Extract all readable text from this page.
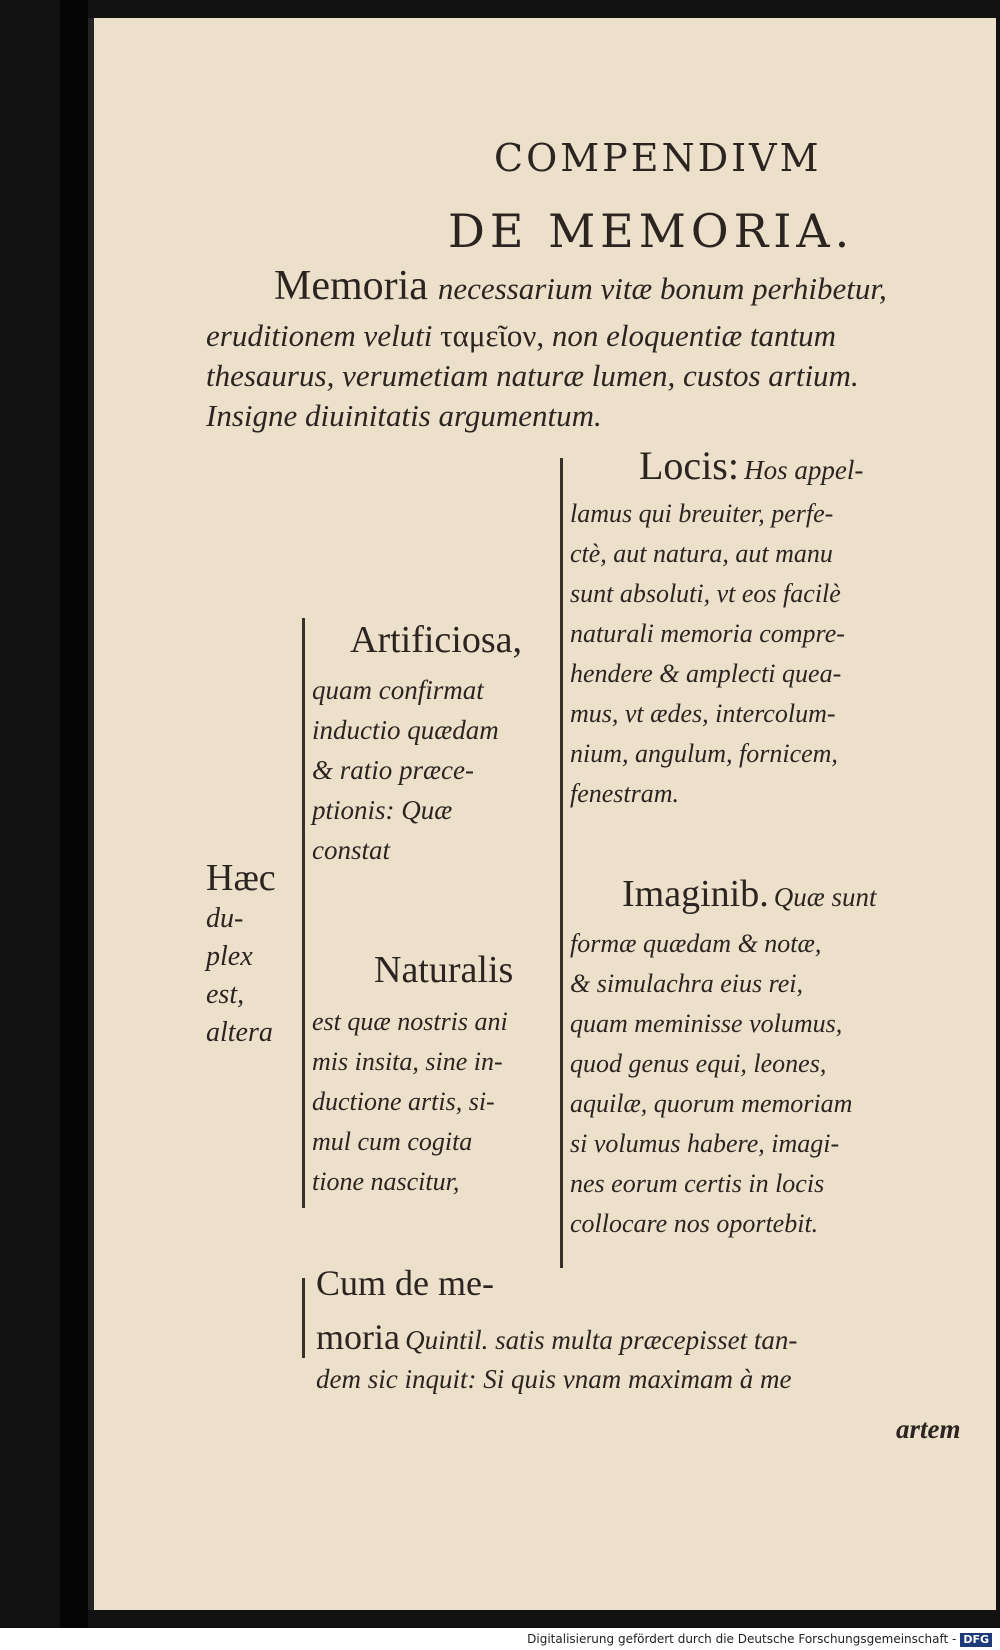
COMPENDIVM
DE MEMORIA.
Memoria necessarium vitæ bonum perhibetur,
eruditionem veluti ταμεῖον, non eloquentiæ tantum
thesaurus, verumetiam naturæ lumen, custos artium.
Insigne diuinitatis argumentum.
Hæc
du-
plex
est,
altera
Artificiosa,
quam confirmat
inductio quædam
& ratio præce-
ptionis: Quæ
constat
Naturalis
est quæ nostris ani
mis insita, sine in-
ductione artis, si-
mul cum cogita
tione nascitur,
Locis: Hos appel-
lamus qui breuiter, perfe-
ctè, aut natura, aut manu
sunt absoluti, vt eos facilè
naturali memoria compre-
hendere & amplecti quea-
mus, vt ædes, intercolum-
nium, angulum, fornicem,
fenestram.
Imaginib. Quæ sunt
formæ quædam & notæ,
& simulachra eius rei,
quam meminisse volumus,
quod genus equi, leones,
aquilæ, quorum memoriam
si volumus habere, imagi-
nes eorum certis in locis
collocare nos oportebit.
Cum de me-
moria Quintil. satis multa præcepisset tan-
dem sic inquit: Si quis vnam maximam à me
artem
Digitalisierung gefördert durch die Deutsche Forschungsgemeinschaft - DFG
